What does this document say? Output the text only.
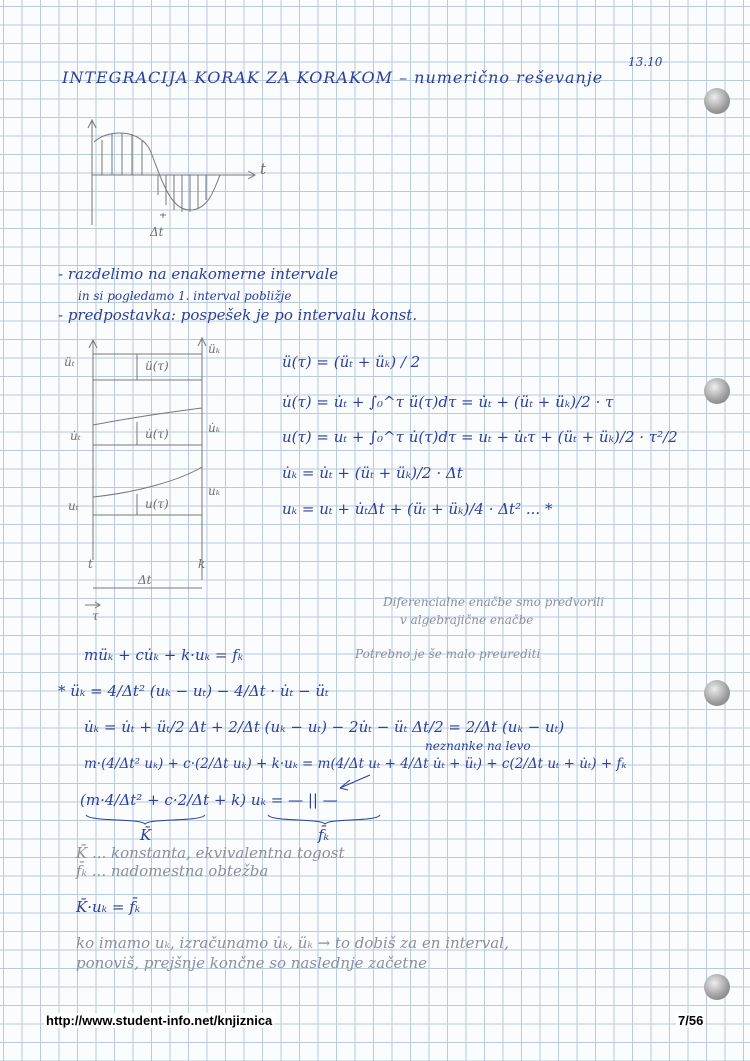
13.10
INTEGRACIJA KORAK ZA KORAKOM – numerično reševanje
t
Δt
- razdelimo na enakomerne intervale
in si pogledamo 1. interval pobližje
- predpostavka: pospešek je po intervalu konst.
üₜ
üₖ
ü(τ)
u̇ₜ
u̇ₖ
u̇(τ)
uₜ
uₖ
u(τ)
t	k
Δt
τ
ü(τ) = (üₜ + üₖ) / 2
u̇(τ) = u̇ₜ + ∫₀^τ ü(τ)dτ = u̇ₜ + (üₜ + üₖ)/2 · τ
u(τ) = uₜ + ∫₀^τ u̇(τ)dτ = uₜ + u̇ₜτ + (üₜ + üₖ)/2 · τ²/2
u̇ₖ = u̇ₜ + (üₜ + üₖ)/2 · Δt
uₖ = uₜ + u̇ₜΔt + (üₜ + üₖ)/4 · Δt² ... *
Diferencialne enačbe smo predvorili
v algebrajične enačbe
müₖ + cu̇ₖ + k·uₖ = fₖ	Potrebno je še malo preurediti
* üₖ = 4/Δt² (uₖ − uₜ) − 4/Δt · u̇ₜ − üₜ
u̇ₖ = u̇ₜ + üₜ/2 Δt + 2/Δt (uₖ − uₜ) − 2u̇ₜ − üₜ Δt/2 = 2/Δt (uₖ − uₜ)
neznanke na levo
m·(4/Δt² uₖ) + c·(2/Δt uₖ) + k·uₖ = m(4/Δt uₜ + 4/Δt u̇ₜ + üₜ) + c(2/Δt uₜ + u̇ₜ) + fₖ
(m·4/Δt² + c·2/Δt + k) uₖ = — || —
K̄	f̄ₖ
K̄ ... konstanta, ekvivalentna togost
f̄ₖ ... nadomestna obtežba
K̄·uₖ = f̄ₖ
ko imamo uₖ, izračunamo u̇ₖ, üₖ → to dobiš za en interval,
ponoviš, prejšnje končne so naslednje začetne
http://www.student-info.net/knjiznica	7/56
